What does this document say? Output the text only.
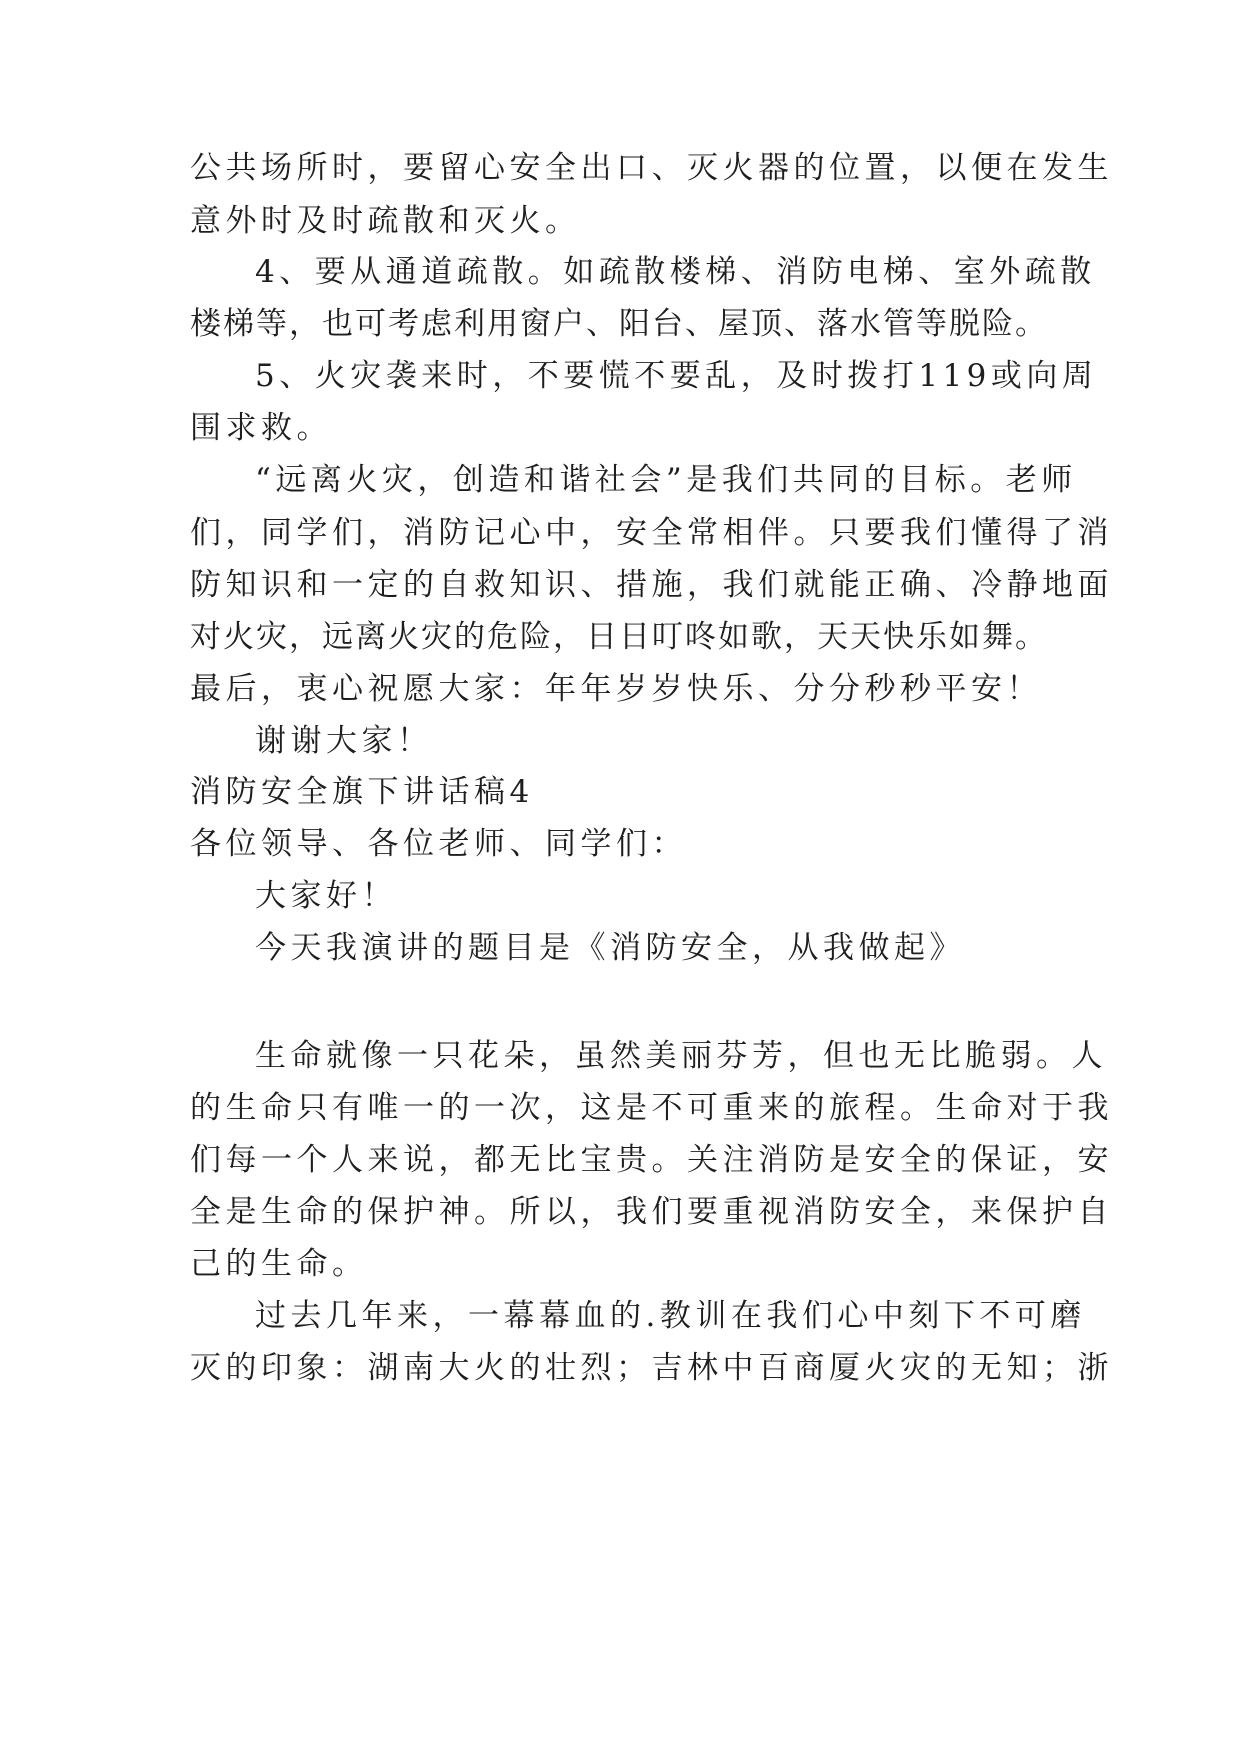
公共场所时，要留心安全出口、灭火器的位置，以便在发生
意外时及时疏散和灭火。
4、要从通道疏散。如疏散楼梯、消防电梯、室外疏散
楼梯等，也可考虑利用窗户、阳台、屋顶、落水管等脱险。
5、火灾袭来时，不要慌不要乱，及时拨打119或向周
围求救。
“远离火灾，创造和谐社会”是我们共同的目标。老师
们，同学们，消防记心中，安全常相伴。只要我们懂得了消
防知识和一定的自救知识、措施，我们就能正确、冷静地面
对火灾，远离火灾的危险，日日叮咚如歌，天天快乐如舞。
最后，衷心祝愿大家：年年岁岁快乐、分分秒秒平安！
谢谢大家！
消防安全旗下讲话稿4
各位领导、各位老师、同学们：
大家好！
今天我演讲的题目是《消防安全，从我做起》
生命就像一只花朵，虽然美丽芬芳，但也无比脆弱。人
的生命只有唯一的一次，这是不可重来的旅程。生命对于我
们每一个人来说，都无比宝贵。关注消防是安全的保证，安
全是生命的保护神。所以，我们要重视消防安全，来保护自
己的生命。
过去几年来，一幕幕血的.教训在我们心中刻下不可磨
灭的印象：湖南大火的壮烈；吉林中百商厦火灾的无知；浙
